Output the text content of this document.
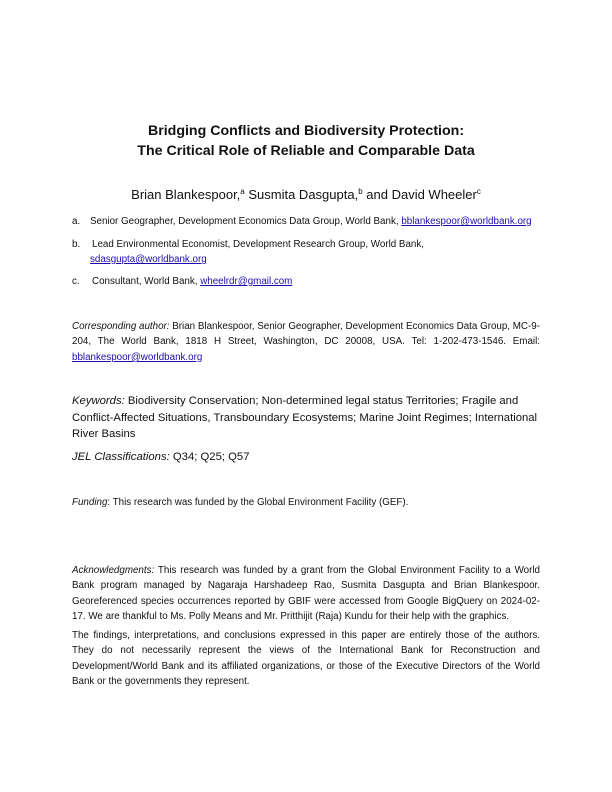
Bridging Conflicts and Biodiversity Protection:
The Critical Role of Reliable and Comparable Data
Brian Blankespoor,$^a$ Susmita Dasgupta,$^b$ and David Wheeler$^c$
a. Senior Geographer, Development Economics Data Group, World Bank, bblankespoor@worldbank.org
b. Lead Environmental Economist, Development Research Group, World Bank,
sdasgupta@worldbank.org
c. Consultant, World Bank, wheelrdr@gmail.com
Corresponding author: Brian Blankespoor, Senior Geographer, Development Economics Data Group, MC-9-204, The World Bank, 1818 H Street, Washington, DC 20008, USA. Tel: 1-202-473-1546. Email: bblankespoor@worldbank.org
Keywords: Biodiversity Conservation; Non-determined legal status Territories; Fragile and Conflict-Affected Situations, Transboundary Ecosystems; Marine Joint Regimes; International River Basins
JEL Classifications: Q34; Q25; Q57
Funding: This research was funded by the Global Environment Facility (GEF).
Acknowledgments: This research was funded by a grant from the Global Environment Facility to a World Bank program managed by Nagaraja Harshadeep Rao, Susmita Dasgupta and Brian Blankespoor. Georeferenced species occurrences reported by GBIF were accessed from Google BigQuery on 2024-02-17. We are thankful to Ms. Polly Means and Mr. Pritthijit (Raja) Kundu for their help with the graphics.
The findings, interpretations, and conclusions expressed in this paper are entirely those of the authors. They do not necessarily represent the views of the International Bank for Reconstruction and Development/World Bank and its affiliated organizations, or those of the Executive Directors of the World Bank or the governments they represent.
